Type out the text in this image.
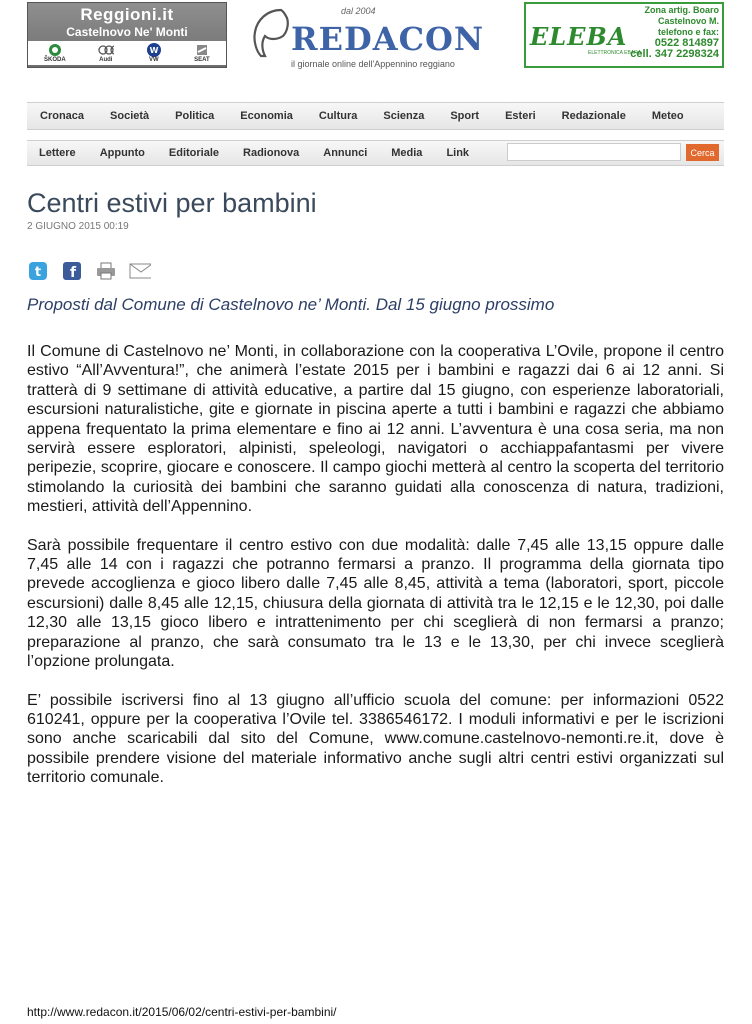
Reggioni.it
Castelnovo Ne' Monti
ŠKODA	Audi
W
VW	SEAT
dal 2004
REDACON
il giornale online dell'Appennino reggiano
ELEBA
ELETTRONICA EBARA
Zona artig. Boaro
Castelnovo M.
telefono e fax:
0522 814897
cell. 347 2298324
Cronaca Società Politica Economia Cultura Scienza Sport Esteri Redazionale Meteo
Lettere Appunto Editoriale Radionova Annunci Media Link	Cerca
Centri estivi per bambini
2 GIUGNO 2015 00:19
t f
Proposti dal Comune di Castelnovo ne’ Monti. Dal 15 giugno prossimo

Il Comune di Castelnovo ne’ Monti, in collaborazione con la cooperativa L’Ovile, propone il centro estivo “All’Avventura!”, che animerà l’estate 2015 per i bambini e ragazzi dai 6 ai 12 anni. Si tratterà di 9 settimane di attività educative, a partire dal 15 giugno, con esperienze laboratoriali, escursioni naturalistiche, gite e giornate in piscina aperte a tutti i bambini e ragazzi che abbiamo appena frequentato la prima elementare e fino ai 12 anni. L’avventura è una cosa seria, ma non servirà essere esploratori, alpinisti, speleologi, navigatori o acchiappafantasmi per vivere peripezie, scoprire, giocare e conoscere. Il campo giochi metterà al centro la scoperta del territorio stimolando la curiosità dei bambini che saranno guidati alla conoscenza di natura, tradizioni, mestieri, attività dell’Appennino.

Sarà possibile frequentare il centro estivo con due modalità: dalle 7,45 alle 13,15 oppure dalle 7,45 alle 14 con i ragazzi che potranno fermarsi a pranzo. Il programma della giornata tipo prevede accoglienza e gioco libero dalle 7,45 alle 8,45, attività a tema (laboratori, sport, piccole escursioni) dalle 8,45 alle 12,15, chiusura della giornata di attività tra le 12,15 e le 12,30, poi dalle 12,30 alle 13,15 gioco libero e intrattenimento per chi sceglierà di non fermarsi a pranzo; preparazione al pranzo, che sarà consumato tra le 13 e le 13,30, per chi invece sceglierà l’opzione prolungata.

E’ possibile iscriversi fino al 13 giugno all’ufficio scuola del comune: per informazioni 0522 610241, oppure per la cooperativa l’Ovile tel. 3386546172. I moduli informativi e per le iscrizioni sono anche scaricabili dal sito del Comune, www.comune.castelnovo-nemonti.re.it, dove è possibile prendere visione del materiale informativo anche sugli altri centri estivi organizzati sul territorio comunale.

http://www.redacon.it/2015/06/02/centri-estivi-per-bambini/
